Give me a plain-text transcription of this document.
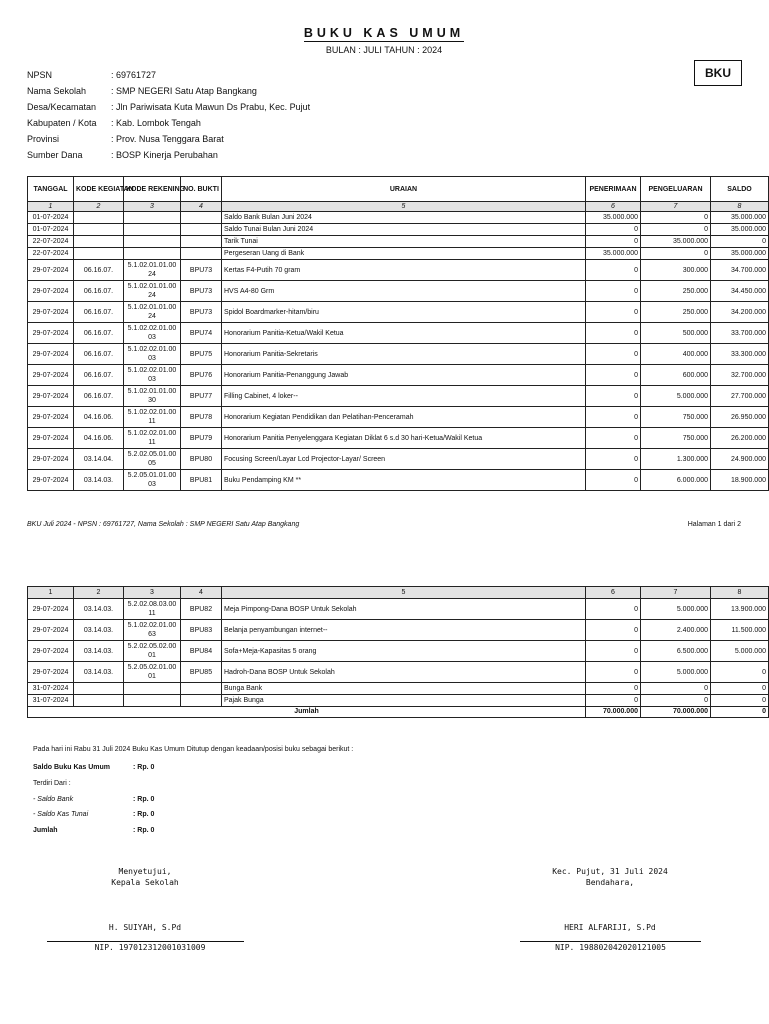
BUKU KAS UMUM
BULAN : JULI TAHUN : 2024
BKU
NPSN	: 69761727
Nama Sekolah	: SMP NEGERI Satu Atap Bangkang
Desa/Kecamatan	: Jln Pariwisata Kuta Mawun Ds Prabu, Kec. Pujut
Kabupaten / Kota	: Kab. Lombok Tengah
Provinsi	: Prov. Nusa Tenggara Barat
Sumber Dana	: BOSP Kinerja Perubahan
TANGGAL	KODE KEGIATAN	KODE REKENING	NO. BUKTI	URAIAN	PENERIMAAN	PENGELUARAN	SALDO
1	2	3	4	5	6	7	8
01-07-2024				Saldo Bank Bulan Juni 2024	35.000.000	0	35.000.000
01-07-2024				Saldo Tunai Bulan Juni 2024	0	0	35.000.000
22-07-2024				Tarik Tunai	0	35.000.000	0
22-07-2024				Pergeseran Uang di Bank	35.000.000	0	35.000.000
29-07-2024	06.16.07.	5.1.02.01.01.0024	BPU73	Kertas F4-Putih 70 gram	0	300.000	34.700.000
29-07-2024	06.16.07.	5.1.02.01.01.0024	BPU73	HVS A4-80 Grm	0	250.000	34.450.000
29-07-2024	06.16.07.	5.1.02.01.01.0024	BPU73	Spidol Boardmarker-hitam/biru	0	250.000	34.200.000
29-07-2024	06.16.07.	5.1.02.02.01.0003	BPU74	Honorarium Panitia-Ketua/Wakil Ketua	0	500.000	33.700.000
29-07-2024	06.16.07.	5.1.02.02.01.0003	BPU75	Honorarium Panitia-Sekretaris	0	400.000	33.300.000
29-07-2024	06.16.07.	5.1.02.02.01.0003	BPU76	Honorarium Panitia-Penanggung Jawab	0	600.000	32.700.000
29-07-2024	06.16.07.	5.1.02.01.01.0030	BPU77	Filling Cabinet, 4 loker--	0	5.000.000	27.700.000
29-07-2024	04.16.06.	5.1.02.02.01.0011	BPU78	Honorarium Kegiatan Pendidikan dan Pelatihan-Penceramah	0	750.000	26.950.000
29-07-2024	04.16.06.	5.1.02.02.01.0011	BPU79	Honorarium Panitia Penyelenggara Kegiatan Diklat 6 s.d 30 hari-Ketua/Wakil Ketua	0	750.000	26.200.000
29-07-2024	03.14.04.	5.2.02.05.01.0005	BPU80	Focusing Screen/Layar Lcd Projector-Layar/ Screen	0	1.300.000	24.900.000
29-07-2024	03.14.03.	5.2.05.01.01.0003	BPU81	Buku Pendamping KM **	0	6.000.000	18.900.000
BKU Juli 2024 - NPSN : 69761727, Nama Sekolah : SMP NEGERI Satu Atap Bangkang	Halaman 1 dari 2
1	2	3	4	5	6	7	8
29-07-2024	03.14.03.	5.2.02.08.03.0011	BPU82	Meja Pimpong-Dana BOSP Untuk Sekolah	0	5.000.000	13.900.000
29-07-2024	03.14.03.	5.1.02.02.01.0063	BPU83	Belanja penyambungan internet--	0	2.400.000	11.500.000
29-07-2024	03.14.03.	5.2.02.05.02.0001	BPU84	Sofa+Meja-Kapasitas 5 orang	0	6.500.000	5.000.000
29-07-2024	03.14.03.	5.2.05.02.01.0001	BPU85	Hadroh-Dana BOSP Untuk Sekolah	0	5.000.000	0
31-07-2024				Bunga Bank	0	0	0
31-07-2024				Pajak Bunga	0	0	0
Jumlah					70.000.000	70.000.000	0
Pada hari ini Rabu 31 Juli 2024 Buku Kas Umum Ditutup dengan keadaan/posisi buku sebagai berikut :
Saldo Buku Kas Umum	: Rp. 0
Terdiri Dari :
- Saldo Bank	: Rp. 0
- Saldo Kas Tunai	: Rp. 0
Jumlah	: Rp. 0
Menyetujui,
Kepala Sekolah
H. SUIYAH, S.Pd
NIP. 197012312001031009
Kec. Pujut, 31 Juli 2024
Bendahara,
HERI ALFARIJI, S.Pd
NIP. 198802042020121005
